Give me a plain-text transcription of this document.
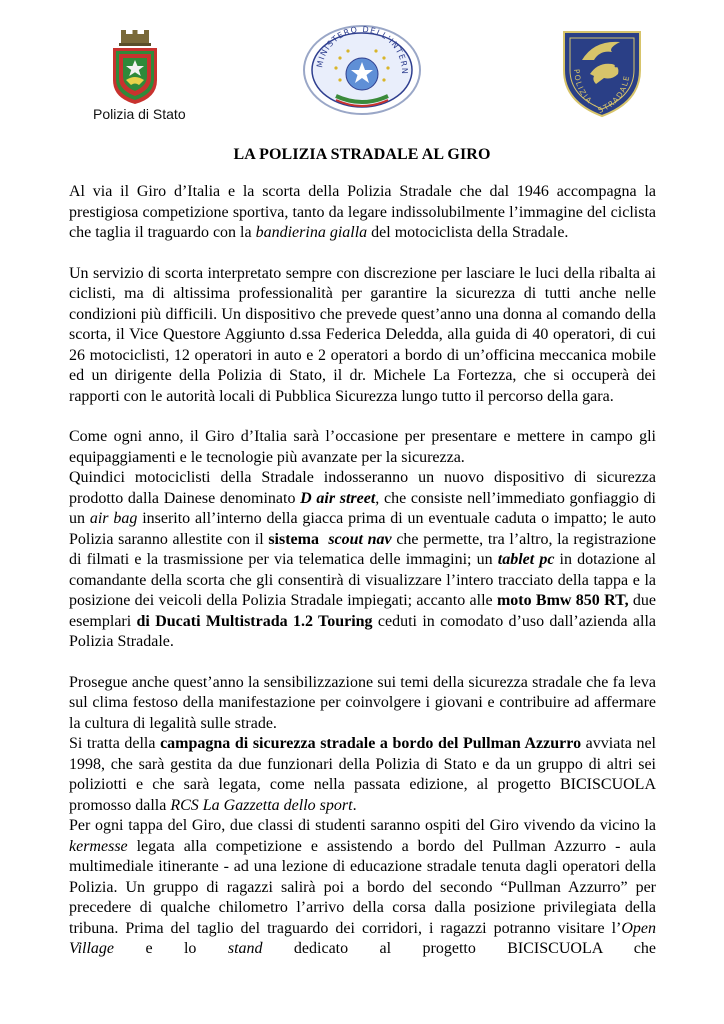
Polizia di Stato
MINISTERO DELL'INTERN	POLIZIA · STRADALE
LA POLIZIA STRADALE AL GIRO

Al via il Giro d’Italia e la scorta della Polizia Stradale che dal 1946 accompagna la prestigiosa competizione sportiva, tanto da legare indissolubilmente l’immagine del ciclista che taglia il traguardo con la bandierina gialla del motociclista della Stradale.

Un servizio di scorta interpretato sempre con discrezione per lasciare le luci della ribalta ai ciclisti, ma di altissima professionalità per garantire la sicurezza di tutti anche nelle condizioni più difficili. Un dispositivo che prevede quest’anno una donna al comando della scorta, il Vice Questore Aggiunto d.ssa Federica Deledda, alla guida di 40 operatori, di cui 26 motociclisti, 12 operatori in auto e 2 operatori a bordo di un’officina meccanica mobile ed un dirigente della Polizia di Stato, il dr. Michele La Fortezza, che si occuperà dei rapporti con le autorità locali di Pubblica Sicurezza lungo tutto il percorso della gara.

Come ogni anno, il Giro d’Italia sarà l’occasione per presentare e mettere in campo gli equipaggiamenti e le tecnologie più avanzate per la sicurezza.

Quindici motociclisti della Stradale indosseranno un nuovo dispositivo di sicurezza prodotto dalla Dainese denominato D air street, che consiste nell’immediato gonfiaggio di un air bag inserito all’interno della giacca prima di un eventuale caduta o impatto; le auto Polizia saranno allestite con il sistema scout nav che permette, tra l’altro, la registrazione di filmati e la trasmissione per via telematica delle immagini; un tablet pc in dotazione al comandante della scorta che gli consentirà di visualizzare l’intero tracciato della tappa e la posizione dei veicoli della Polizia Stradale impiegati; accanto alle moto Bmw 850 RT, due esemplari di Ducati Multistrada 1.2 Touring ceduti in comodato d’uso dall’azienda alla Polizia Stradale.

Prosegue anche quest’anno la sensibilizzazione sui temi della sicurezza stradale che fa leva sul clima festoso della manifestazione per coinvolgere i giovani e contribuire ad affermare la cultura di legalità sulle strade.

Si tratta della campagna di sicurezza stradale a bordo del Pullman Azzurro avviata nel 1998, che sarà gestita da due funzionari della Polizia di Stato e da un gruppo di altri sei poliziotti e che sarà legata, come nella passata edizione, al progetto BICISCUOLA promosso dalla RCS La Gazzetta dello sport.

Per ogni tappa del Giro, due classi di studenti saranno ospiti del Giro vivendo da vicino la kermesse legata alla competizione e assistendo a bordo del Pullman Azzurro - aula multimediale itinerante - ad una lezione di educazione stradale tenuta dagli operatori della Polizia. Un gruppo di ragazzi salirà poi a bordo del secondo “Pullman Azzurro” per precedere di qualche chilometro l’arrivo della corsa dalla posizione privilegiata della tribuna. Prima del taglio del traguardo dei corridori, i ragazzi potranno visitare l’Open Village e lo stand dedicato al progetto BICISCUOLA che
